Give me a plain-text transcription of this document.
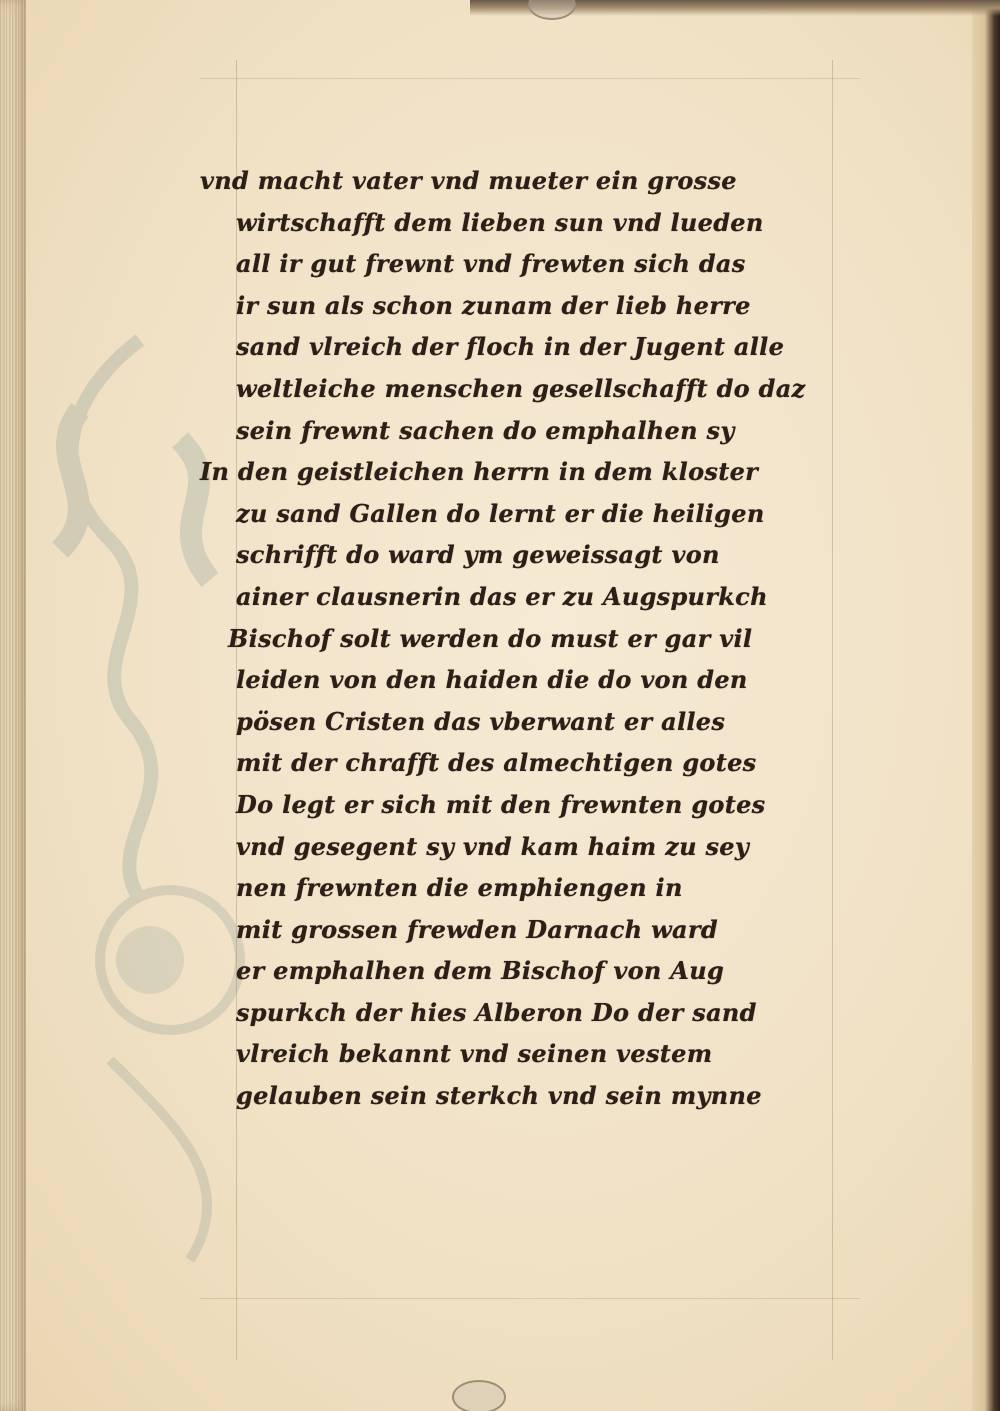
vnd macht vater vnd mueter ein grosse
wirtschafft dem lieben sun vnd lueden
all ir gut frewnt vnd frewten sich das
ir sun als schon zunam der lieb herre
sand vlreich der floch in der Jugent alle
weltleiche menschen gesellschafft do daz
sein frewnt sachen do emphalhen sy
In den geistleichen herrn in dem kloster
zu sand Gallen do lernt er die heiligen
schrifft do ward ym geweissagt von
ainer clausnerin das er zu Augspurkch
Bischof solt werden do must er gar vil
leiden von den haiden die do von den
pösen Cristen das vberwant er alles
mit der chrafft des almechtigen gotes
Do legt er sich mit den frewnten gotes
vnd gesegent sy vnd kam haim zu sey
nen frewnten die emphiengen in
mit grossen frewden Darnach ward
er emphalhen dem Bischof von Aug
spurkch der hies Alberon Do der sand
vlreich bekannt vnd seinen vestem
gelauben sein sterkch vnd sein mynne
